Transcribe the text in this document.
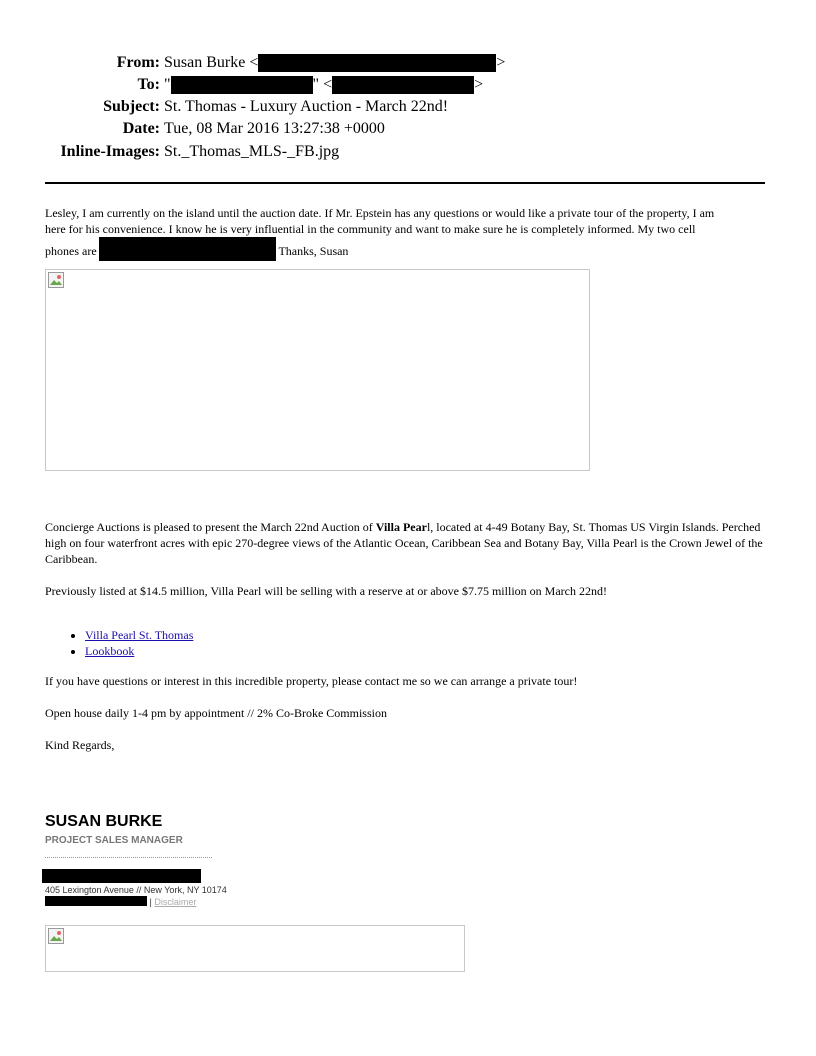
From: Susan Burke <	>
To: "	" <	>
Subject: St. Thomas - Luxury Auction - March 22nd!
Date: Tue, 08 Mar 2016 13:27:38 +0000
Inline-Images: St._Thomas_MLS-_FB.jpg
Lesley, I am currently on the island until the auction date. If Mr. Epstein has any questions or would like a private tour of the property, I am
here for his convenience. I know he is very influential in the community and want to make sure he is completely informed. My two cell
phones are	Thanks, Susan
Concierge Auctions is pleased to present the March 22nd Auction of Villa Pearl, located at 4-49 Botany Bay, St. Thomas US Virgin Islands. Perched high on four waterfront acres with epic 270-degree views of the Atlantic Ocean, Caribbean Sea and Botany Bay, Villa Pearl is the Crown Jewel of the Caribbean.
Previously listed at $14.5 million, Villa Pearl will be selling with a reserve at or above $7.75 million on March 22nd!
• Villa Pearl St. Thomas
• Lookbook
If you have questions or interest in this incredible property, please contact me so we can arrange a private tour!
Open house daily 1-4 pm by appointment // 2% Co-Broke Commission
Kind Regards,
SUSAN BURKE
PROJECT SALES MANAGER
405 Lexington Avenue // New York, NY 10174
| Disclaimer
